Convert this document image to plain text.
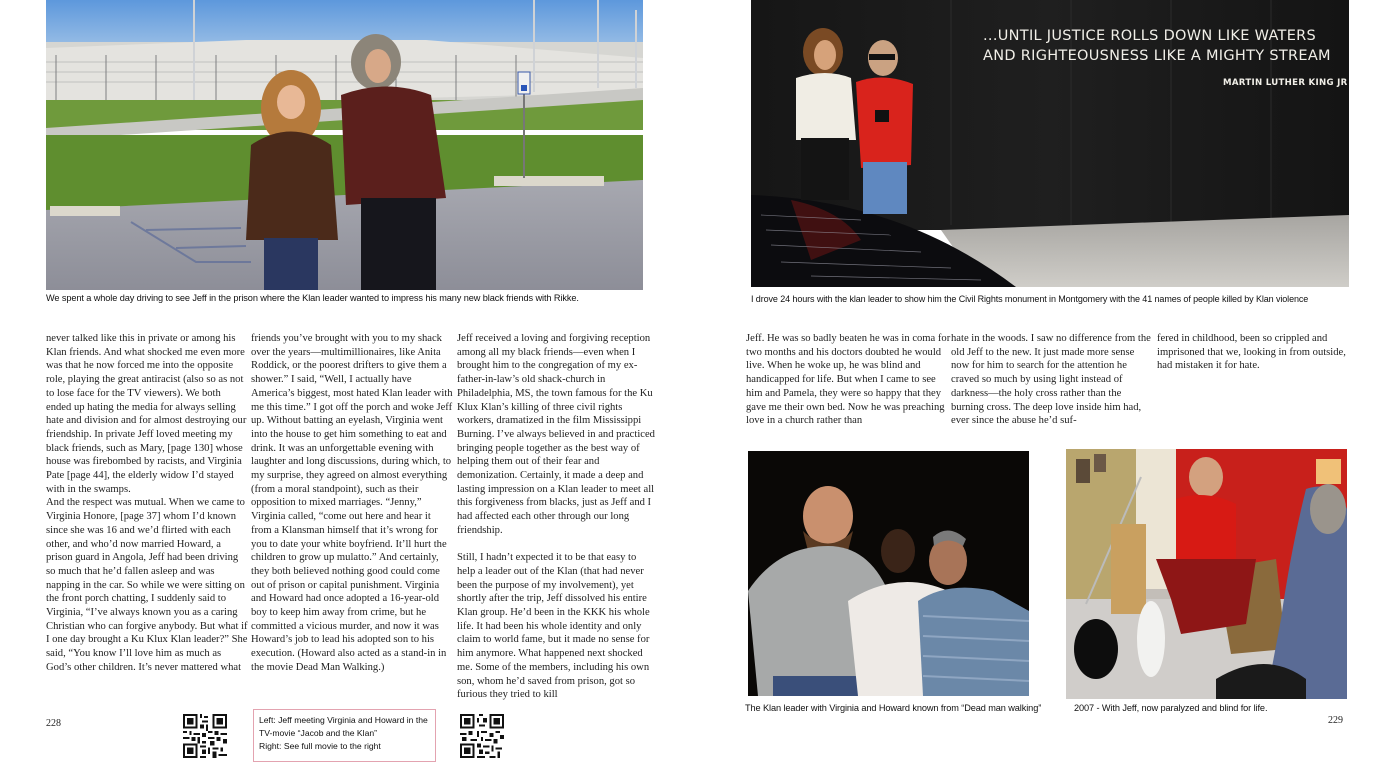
We spent a whole day driving to see Jeff in the prison where the Klan leader wanted to impress his many new black friends with Rikke.

never talked like this in private or among his Klan friends. And what shocked me even more was that he now forced me into the opposite role, playing the great antiracist (also so as not to lose face for the TV viewers). We both ended up hating the media for always selling hate and division and for almost destroying our friendship. In private Jeff loved meeting my black friends, such as Mary, [page 130] whose house was firebombed by racists, and Virginia Pate [page 44], the elderly widow I’d stayed with in the swamps.

And the respect was mutual. When we came to Virginia Honore, [page 37] whom I’d known since she was 16 and we’d flirted with each other, and who’d now married Howard, a prison guard in Angola, Jeff had been driving so much that he’d fallen asleep and was napping in the car. So while we were sitting on the front porch chatting, I suddenly said to Virginia, “I’ve always known you as a caring Christian who can forgive anybody. But what if I one day brought a Ku Klux Klan leader?” She said, “You know I’ll love him as much as God’s other children. It’s never mattered what

friends you’ve brought with you to my shack over the years—multimillionaires, like Anita Roddick, or the poorest drifters to give them a shower.” I said, “Well, I actually have America’s biggest, most hated Klan leader with me this time.” I got off the porch and woke Jeff up. Without batting an eyelash, Virginia went into the house to get him something to eat and drink. It was an unforgettable evening with laughter and long discussions, during which, to my surprise, they agreed on almost everything (from a moral standpoint), such as their opposition to mixed marriages. “Jenny,” Virginia called, “come out here and hear it from a Klansman himself that it’s wrong for you to date your white boyfriend. It’ll hurt the children to grow up mulatto.” And certainly, they both believed nothing good could come out of prison or capital punishment. Virginia and Howard had once adopted a 16-year-old boy to keep him away from crime, but he committed a vicious murder, and now it was Howard’s job to lead his adopted son to his execution. (Howard also acted as a stand-in in the movie Dead Man Walking.)

Jeff received a loving and forgiving reception among all my black friends—even when I brought him to the congregation of my ex-father-in-law’s old shack-church in Philadelphia, MS, the town famous for the Ku Klux Klan’s killing of three civil rights workers, dramatized in the film Mississippi Burning. I’ve always believed in and practiced bringing people together as the best way of helping them out of their fear and demonization. Certainly, it made a deep and lasting impression on a Klan leader to meet all this forgiveness from blacks, just as Jeff and I had affected each other through our long friendship.

Still, I hadn’t expected it to be that easy to help a leader out of the Klan (that had never been the purpose of my involvement), yet shortly after the trip, Jeff dissolved his entire Klan group. He’d been in the KKK his whole life. It had been his whole identity and only claim to world fame, but it made no sense for him anymore. What happened next shocked me. Some of the members, including his own son, whom he’d saved from prison, got so furious they tried to kill

228	Left: Jeff meeting Virginia and Howard in the
TV-movie “Jacob and the Klan”
Right: See full movie to the right
...UNTIL JUSTICE ROLLS DOWN LIKE WATERS
AND RIGHTEOUSNESS LIKE A MIGHTY STREAM
MARTIN LUTHER KING JR
I drove 24 hours with the klan leader to show him the Civil Rights monument in Montgomery with the 41 names of people killed by Klan violence

Jeff. He was so badly beaten he was in coma for two months and his doctors doubted he would live. When he woke up, he was blind and handicapped for life. But when I came to see him and Pamela, they were so happy that they gave me their own bed. Now he was preaching love in a church rather than

hate in the woods. I saw no difference from the old Jeff to the new. It just made more sense now for him to search for the attention he craved so much by using light instead of darkness—the holy cross rather than the burning cross. The deep love inside him had, ever since the abuse he’d suf-

fered in childhood, been so crippled and imprisoned that we, looking in from outside, had mistaken it for hate.

The Klan leader with Virginia and Howard known from “Dead man walking”	2007 - With Jeff, now paralyzed and blind for life.
229
